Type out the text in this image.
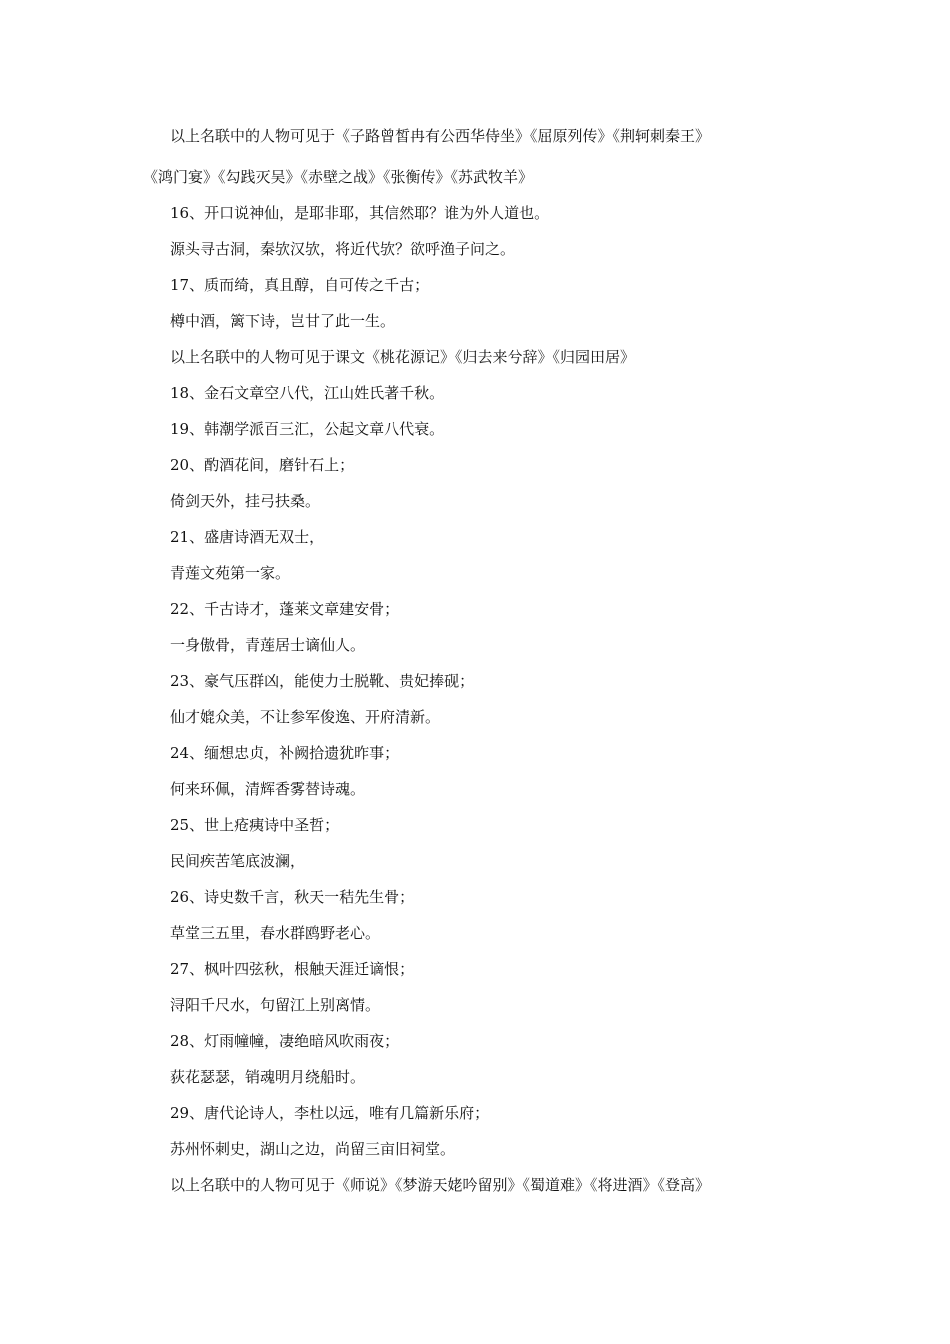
以上名联中的人物可见于《子路曾皙冉有公西华侍坐》《屈原列传》《荆轲刺秦王》
《鸿门宴》《勾践灭吴》《赤壁之战》《张衡传》《苏武牧羊》
16、开口说神仙，是耶非耶，其信然耶？谁为外人道也。
源头寻古洞，秦欤汉欤，将近代欤？欲呼渔子问之。
17、质而绮，真且醇，自可传之千古；
樽中酒，篱下诗，岂甘了此一生。
以上名联中的人物可见于课文《桃花源记》《归去来兮辞》《归园田居》
18、金石文章空八代，江山姓氏著千秋。
19、韩潮学派百三汇，公起文章八代衰。
20、酌酒花间，磨针石上；
倚剑天外，挂弓扶桑。
21、盛唐诗酒无双士，
青莲文苑第一家。
22、千古诗才，蓬莱文章建安骨；
一身傲骨，青莲居士谪仙人。
23、豪气压群凶，能使力士脱靴、贵妃捧砚；
仙才媲众美，不让参军俊逸、开府清新。
24、缅想忠贞，补阙拾遗犹昨事；
何来环佩，清辉香雾替诗魂。
25、世上疮痍诗中圣哲；
民间疾苦笔底波澜，
26、诗史数千言，秋天一秸先生骨；
草堂三五里，春水群鸥野老心。
27、枫叶四弦秋，根触天涯迁谪恨；
浔阳千尺水，句留江上别离情。
28、灯雨幢幢，凄绝暗风吹雨夜；
荻花瑟瑟，销魂明月绕船时。
29、唐代论诗人，李杜以远，唯有几篇新乐府；
苏州怀刺史，湖山之边，尚留三亩旧祠堂。
以上名联中的人物可见于《师说》《梦游天姥吟留别》《蜀道难》《将进酒》《登高》
